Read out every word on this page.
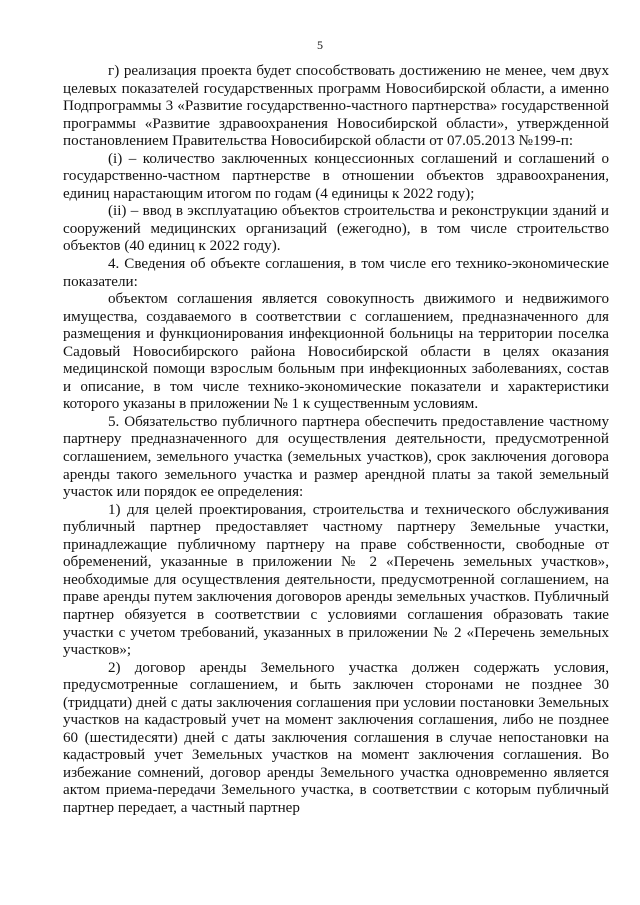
5

г) реализация проекта будет способствовать достижению не менее, чем двух целевых показателей государственных программ Новосибирской области, а именно Подпрограммы 3 «Развитие государственно-частного партнерства» государственной программы «Развитие здравоохранения Новосибирской области», утвержденной постановлением Правительства Новосибирской области от 07.05.2013 №199-п:

(i) – количество заключенных концессионных соглашений и соглашений о государственно-частном партнерстве в отношении объектов здравоохранения, единиц нарастающим итогом по годам (4 единицы к 2022 году);

(ii) – ввод в эксплуатацию объектов строительства и реконструкции зданий и сооружений медицинских организаций (ежегодно), в том числе строительство объектов (40 единиц к 2022 году).

4. Сведения об объекте соглашения, в том числе его технико-экономические показатели:

объектом соглашения является совокупность движимого и недвижимого имущества, создаваемого в соответствии с соглашением, предназначенного для размещения и функционирования инфекционной больницы на территории поселка Садовый Новосибирского района Новосибирской области в целях оказания медицинской помощи взрослым больным при инфекционных заболеваниях, состав и описание, в том числе технико-экономические показатели и характеристики которого указаны в приложении № 1 к существенным условиям.

5. Обязательство публичного партнера обеспечить предоставление частному партнеру предназначенного для осуществления деятельности, предусмотренной соглашением, земельного участка (земельных участков), срок заключения договора аренды такого земельного участка и размер арендной платы за такой земельный участок или порядок ее определения:

1) для целей проектирования, строительства и технического обслуживания публичный партнер предоставляет частному партнеру Земельные участки, принадлежащие публичному партнеру на праве собственности, свободные от обременений, указанные в приложении № 2 «Перечень земельных участков», необходимые для осуществления деятельности, предусмотренной соглашением, на праве аренды путем заключения договоров аренды земельных участков. Публичный партнер обязуется в соответствии с условиями соглашения образовать такие участки с учетом требований, указанных в приложении № 2 «Перечень земельных участков»;

2) договор аренды Земельного участка должен содержать условия, предусмотренные соглашением, и быть заключен сторонами не позднее 30 (тридцати) дней с даты заключения соглашения при условии постановки Земельных участков на кадастровый учет на момент заключения соглашения, либо не позднее 60 (шестидесяти) дней с даты заключения соглашения в случае непостановки на кадастровый учет Земельных участков на момент заключения соглашения. Во избежание сомнений, договор аренды Земельного участка одновременно является актом приема-передачи Земельного участка, в соответствии с которым публичный партнер передает, а частный партнер
